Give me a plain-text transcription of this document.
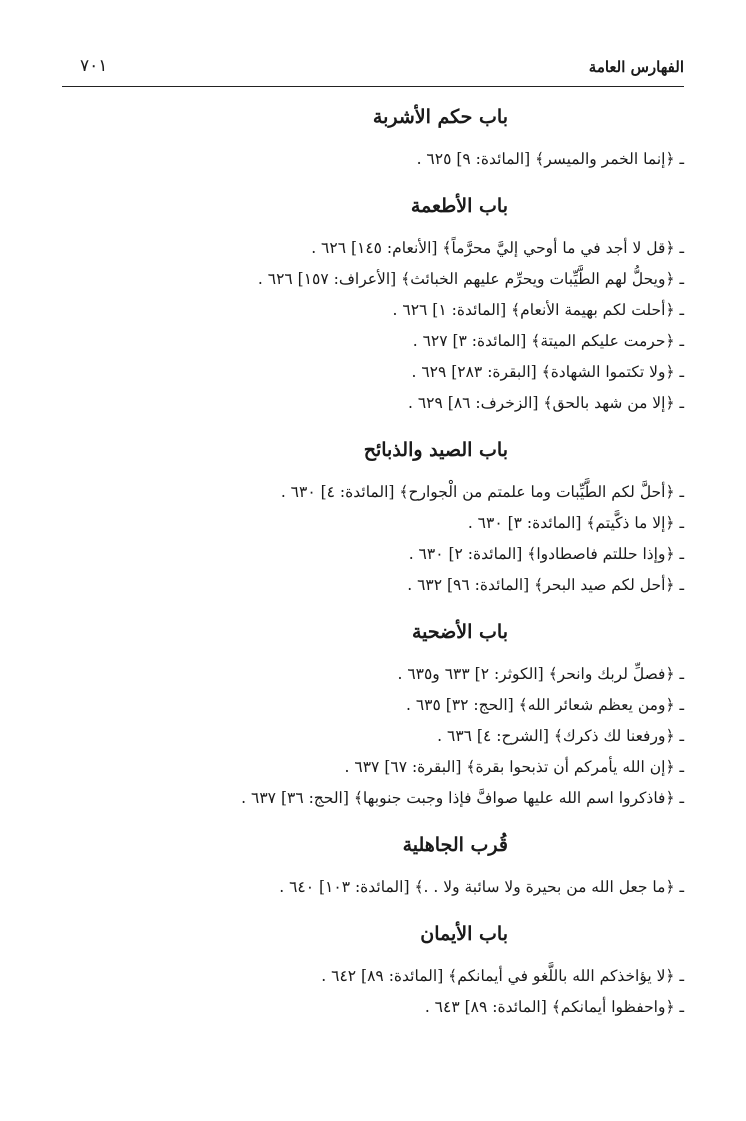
الفهارس العامة
٧٠١
باب حكم الأشربة
ـ ﴿إنما الخمر والميسر﴾ [المائدة: ٩] ٦٢٥ .
باب الأطعمة
ـ ﴿قل لا أجد في ما أوحي إليَّ محرَّماً﴾ [الأنعام: ١٤٥] ٦٢٦ .
ـ ﴿ويحلُّ لهم الطَّيِّبات ويحرِّم عليهم الخبائث﴾ [الأعراف: ١٥٧] ٦٢٦ .
ـ ﴿أحلت لكم بهيمة الأنعام﴾ [المائدة: ١] ٦٢٦ .
ـ ﴿حرمت عليكم الميتة﴾ [المائدة: ٣] ٦٢٧ .
ـ ﴿ولا تكتموا الشهادة﴾ [البقرة: ٢٨٣] ٦٢٩ .
ـ ﴿إلا من شهد بالحق﴾ [الزخرف: ٨٦] ٦٢٩ .
باب الصيد والذبائح
ـ ﴿أحلَّ لكم الطَّيِّبات وما علمتم من الْجوارح﴾ [المائدة: ٤] ٦٣٠ .
ـ ﴿إلا ما ذكَّيتم﴾ [المائدة: ٣] ٦٣٠ .
ـ ﴿وإذا حللتم فاصطادوا﴾ [المائدة: ٢] ٦٣٠ .
ـ ﴿أحل لكم صيد البحر﴾ [المائدة: ٩٦] ٦٣٢ .
باب الأضحية
ـ ﴿فصلِّ لربك وانحر﴾ [الكوثر: ٢] ٦٣٣ و٦٣٥ .
ـ ﴿ومن يعظم شعائر الله﴾ [الحج: ٣٢] ٦٣٥ .
ـ ﴿ورفعنا لك ذكرك﴾ [الشرح: ٤] ٦٣٦ .
ـ ﴿إن الله يأمركم أن تذبحوا بقرة﴾ [البقرة: ٦٧] ٦٣٧ .
ـ ﴿فاذكروا اسم الله عليها صوافَّ فإذا وجبت جنوبها﴾ [الحج: ٣٦] ٦٣٧ .
قُرب الجاهلية
ـ ﴿ما جعل الله من بحيرة ولا سائبة ولا . .﴾ [المائدة: ١٠٣] ٦٤٠ .
باب الأيمان
ـ ﴿لا يؤاخذكم الله باللَّغو في أيمانكم﴾ [المائدة: ٨٩] ٦٤٢ .
ـ ﴿واحفظوا أيمانكم﴾ [المائدة: ٨٩] ٦٤٣ .
